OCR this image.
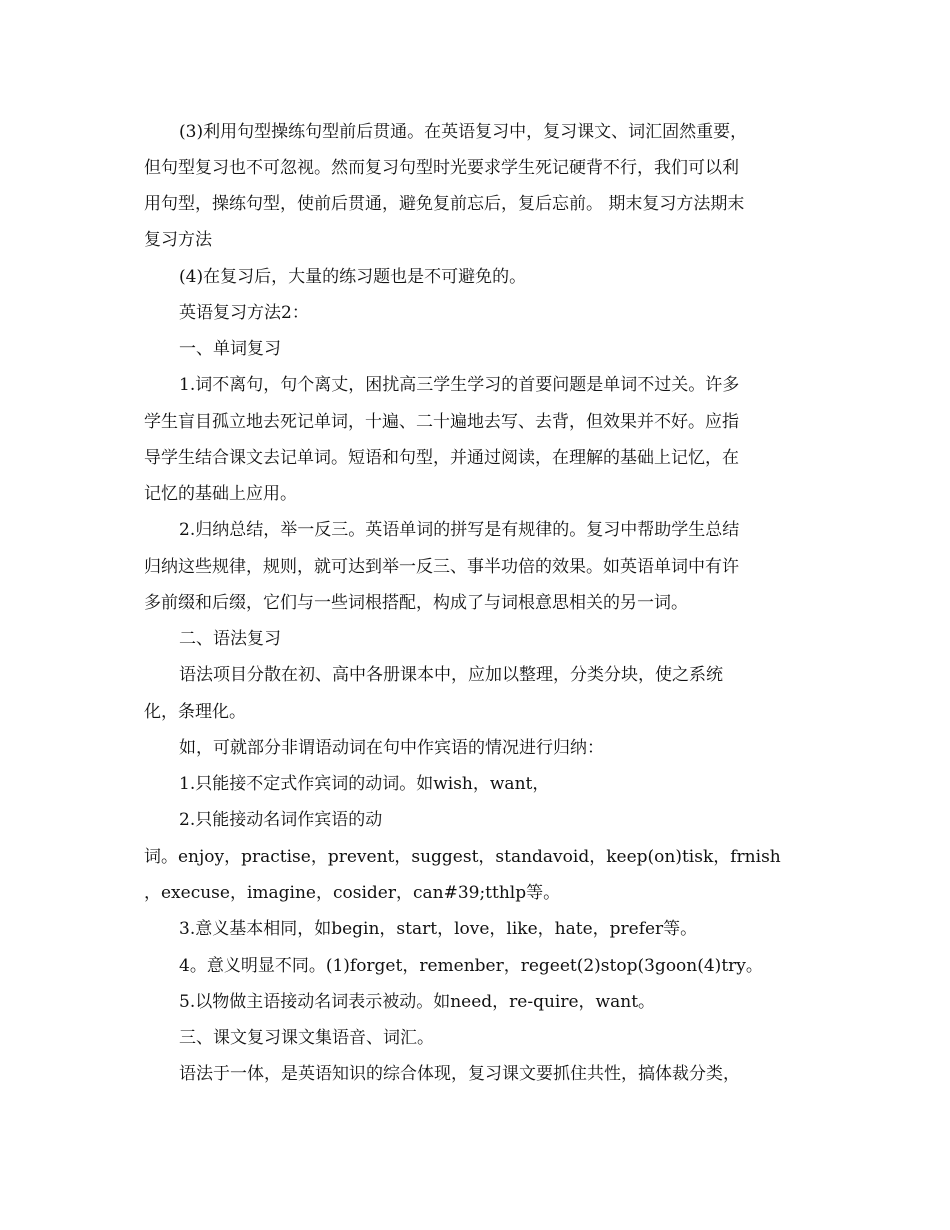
(3)利用句型操练句型前后贯通。在英语复习中，复习课文、词汇固然重要，
但句型复习也不可忽视。然而复习句型时光要求学生死记硬背不行，我们可以利
用句型，操练句型，使前后贯通，避免复前忘后，复后忘前。 期末复习方法期末
复习方法
(4)在复习后，大量的练习题也是不可避免的。
英语复习方法2：
一、单词复习
1.词不离句，句个离丈，困扰高三学生学习的首要问题是单词不过关。许多
学生盲目孤立地去死记单词，十遍、二十遍地去写、去背，但效果并不好。应指
导学生结合课文去记单词。短语和句型，并通过阅读，在理解的基础上记忆，在
记忆的基础上应用。
2.归纳总结，举一反三。英语单词的拼写是有规律的。复习中帮助学生总结
归纳这些规律，规则，就可达到举一反三、事半功倍的效果。如英语单词中有许
多前缀和后缀，它们与一些词根搭配，构成了与词根意思相关的另一词。
二、语法复习
语法项目分散在初、高中各册课本中，应加以整理，分类分块，使之系统
化，条理化。
如，可就部分非谓语动词在句中作宾语的情况进行归纳：
1.只能接不定式作宾词的动词。如wish，want，
2.只能接动名词作宾语的动
词。enjoy，practise，prevent，suggest，standavoid，keep(on)tisk，frnish
，execuse，imagine，cosider，can#39;tthlp等。
3.意义基本相同，如begin，start，love，like，hate，prefer等。
4。意义明显不同。(1)forget，remenber，regeet(2)stop(3goon(4)try。
5.以物做主语接动名词表示被动。如need，re-quire，want。
三、课文复习课文集语音、词汇。
语法于一体，是英语知识的综合体现，复习课文要抓住共性，搞体裁分类，
